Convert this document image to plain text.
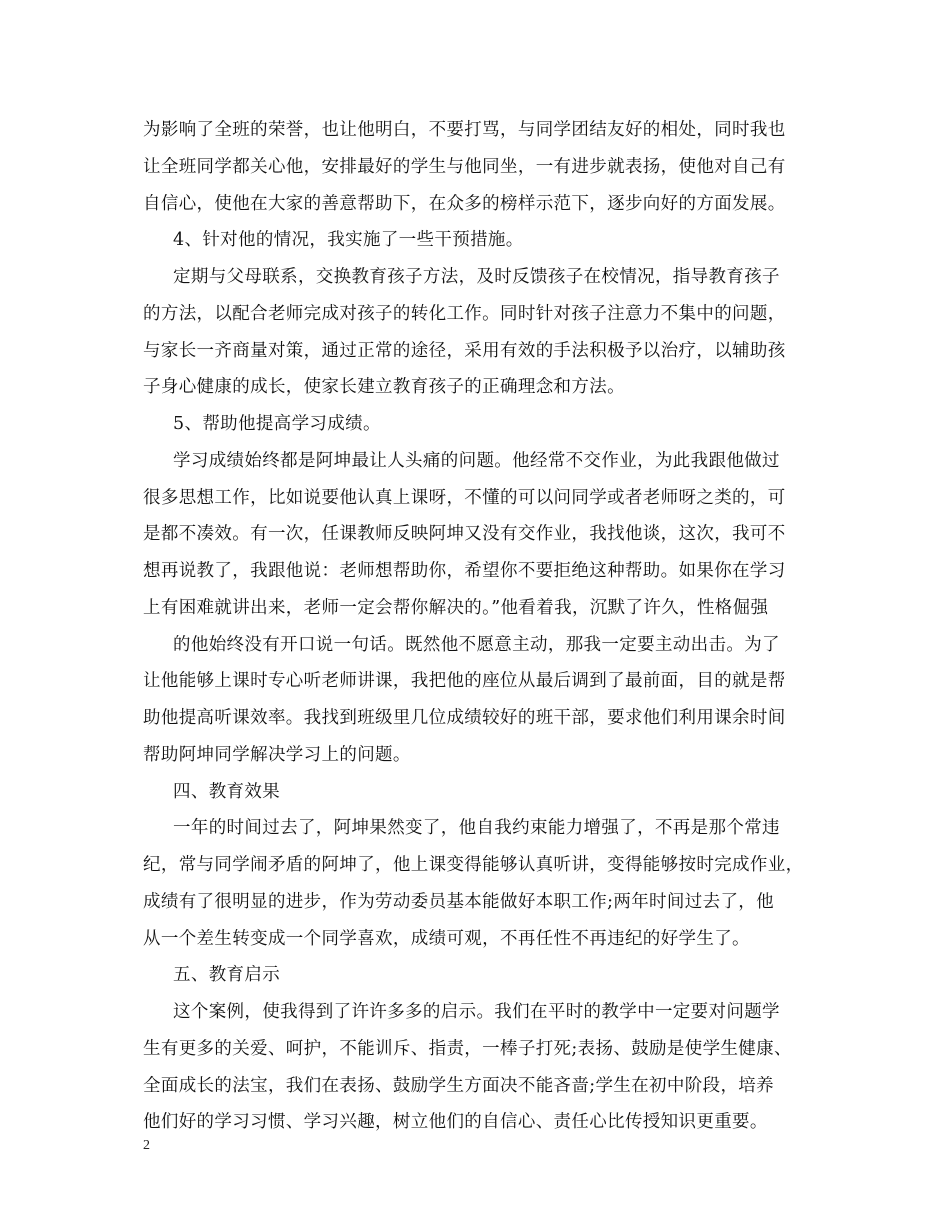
为影响了全班的荣誉，也让他明白，不要打骂，与同学团结友好的相处，同时我也
让全班同学都关心他，安排最好的学生与他同坐，一有进步就表扬，使他对自己有
自信心，使他在大家的善意帮助下，在众多的榜样示范下，逐步向好的方面发展。
4、针对他的情况，我实施了一些干预措施。
定期与父母联系，交换教育孩子方法，及时反馈孩子在校情况，指导教育孩子
的方法，以配合老师完成对孩子的转化工作。同时针对孩子注意力不集中的问题，
与家长一齐商量对策，通过正常的途径，采用有效的手法积极予以治疗，以辅助孩
子身心健康的成长，使家长建立教育孩子的正确理念和方法。
5、帮助他提高学习成绩。
学习成绩始终都是阿坤最让人头痛的问题。他经常不交作业，为此我跟他做过
很多思想工作，比如说要他认真上课呀，不懂的可以问同学或者老师呀之类的，可
是都不凑效。有一次，任课教师反映阿坤又没有交作业，我找他谈，这次，我可不
想再说教了，我跟他说：老师想帮助你，希望你不要拒绝这种帮助。如果你在学习
上有困难就讲出来，老师一定会帮你解决的。”他看着我，沉默了许久，性格倔强
的他始终没有开口说一句话。既然他不愿意主动，那我一定要主动出击。为了
让他能够上课时专心听老师讲课，我把他的座位从最后调到了最前面，目的就是帮
助他提高听课效率。我找到班级里几位成绩较好的班干部，要求他们利用课余时间
帮助阿坤同学解决学习上的问题。
四、教育效果
一年的时间过去了，阿坤果然变了，他自我约束能力增强了，不再是那个常违
纪，常与同学闹矛盾的阿坤了，他上课变得能够认真听讲，变得能够按时完成作业，
成绩有了很明显的进步，作为劳动委员基本能做好本职工作;两年时间过去了，他
从一个差生转变成一个同学喜欢，成绩可观，不再任性不再违纪的好学生了。
五、教育启示
这个案例，使我得到了许许多多的启示。我们在平时的教学中一定要对问题学
生有更多的关爱、呵护，不能训斥、指责，一棒子打死;表扬、鼓励是使学生健康、
全面成长的法宝，我们在表扬、鼓励学生方面决不能吝啬;学生在初中阶段，培养
他们好的学习习惯、学习兴趣，树立他们的自信心、责任心比传授知识更重要。
2
